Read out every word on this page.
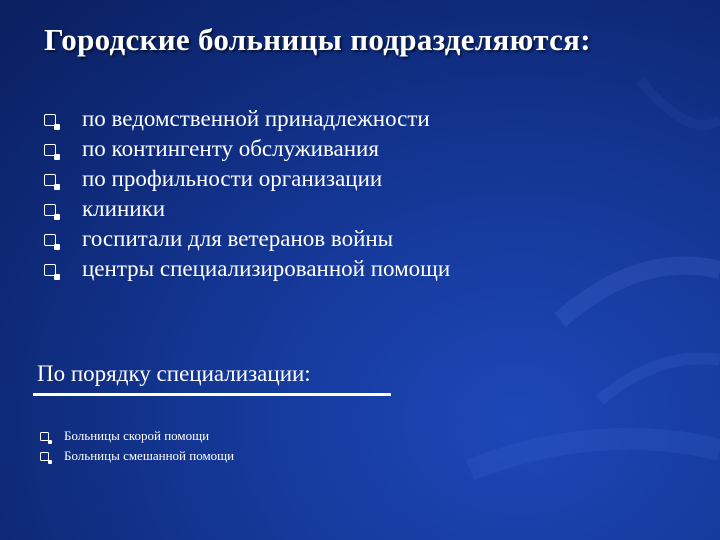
Городские больницы подразделяются:
по ведомственной принадлежности
по контингенту обслуживания
по профильности организации
клиники
госпитали для ветеранов войны
центры специализированной помощи
По порядку специализации:
Больницы скорой помощи
Больницы смешанной помощи
